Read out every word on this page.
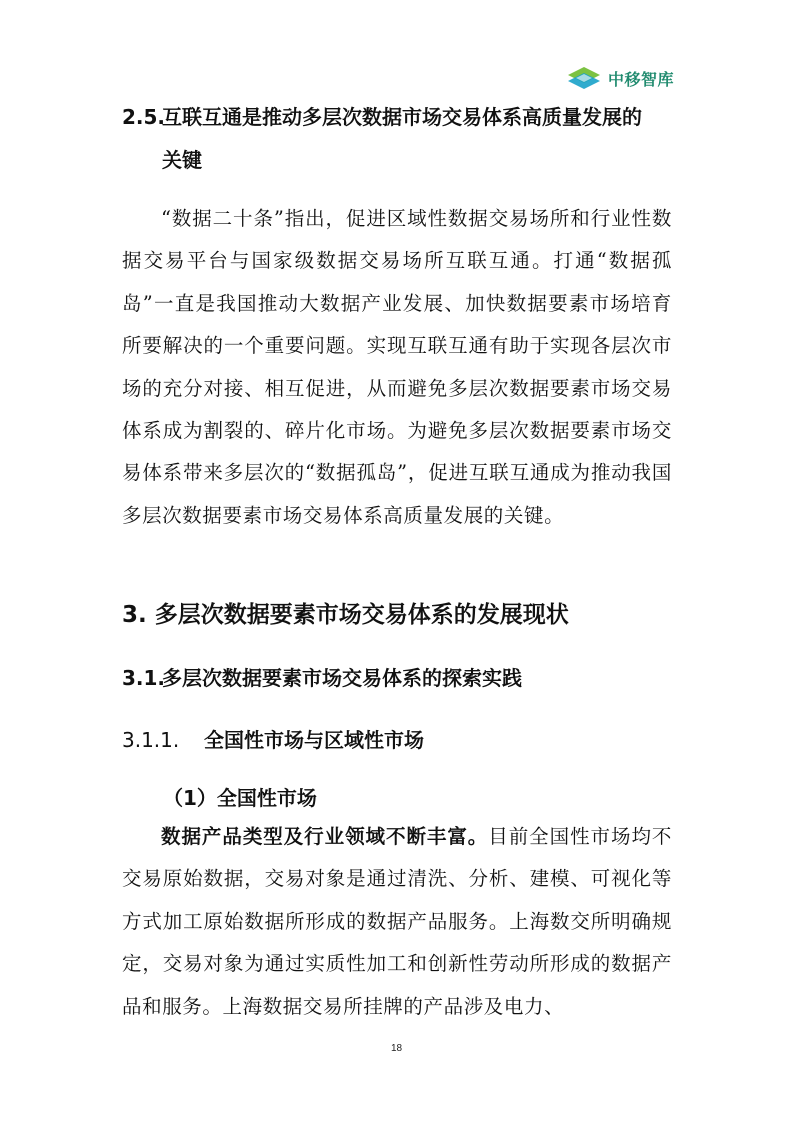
中移智库
2.5.互联互通是推动多层次数据市场交易体系高质量发展的
关键

“数据二十条”指出，促进区域性数据交易场所和行业性数据交易平台与国家级数据交易场所互联互通。打通“数据孤岛”一直是我国推动大数据产业发展、加快数据要素市场培育所要解决的一个重要问题。实现互联互通有助于实现各层次市场的充分对接、相互促进，从而避免多层次数据要素市场交易体系成为割裂的、碎片化市场。为避免多层次数据要素市场交易体系带来多层次的“数据孤岛”，促进互联互通成为推动我国多层次数据要素市场交易体系高质量发展的关键。

3. 多层次数据要素市场交易体系的发展现状
3.1.多层次数据要素市场交易体系的探索实践
3.1.1. 全国性市场与区域性市场
（1）全国性市场

数据产品类型及行业领域不断丰富。目前全国性市场均不交易原始数据，交易对象是通过清洗、分析、建模、可视化等方式加工原始数据所形成的数据产品服务。上海数交所明确规定，交易对象为通过实质性加工和创新性劳动所形成的数据产品和服务。上海数据交易所挂牌的产品涉及电力、

18
